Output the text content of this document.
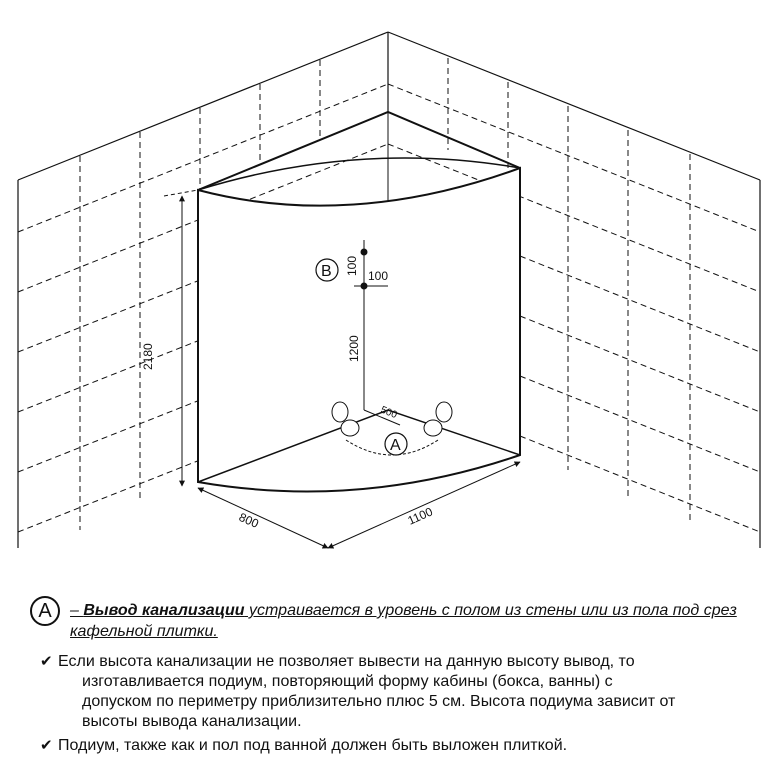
2180
800	1100
B 100 100
1200
500
A
A	– Вывод канализации устраивается в уровень с полом из стены или из пола под срез кафельной плитки.
✔ Если высота канализации не позволяет вывести на данную высоту вывод, то
изготавливается подиум, повторяющий форму кабины (бокса, ванны) с
допуском по периметру приблизительно плюс 5 см. Высота подиума зависит от
высоты вывода канализации.
✔ Подиум, также как и пол под ванной должен быть выложен плиткой.
